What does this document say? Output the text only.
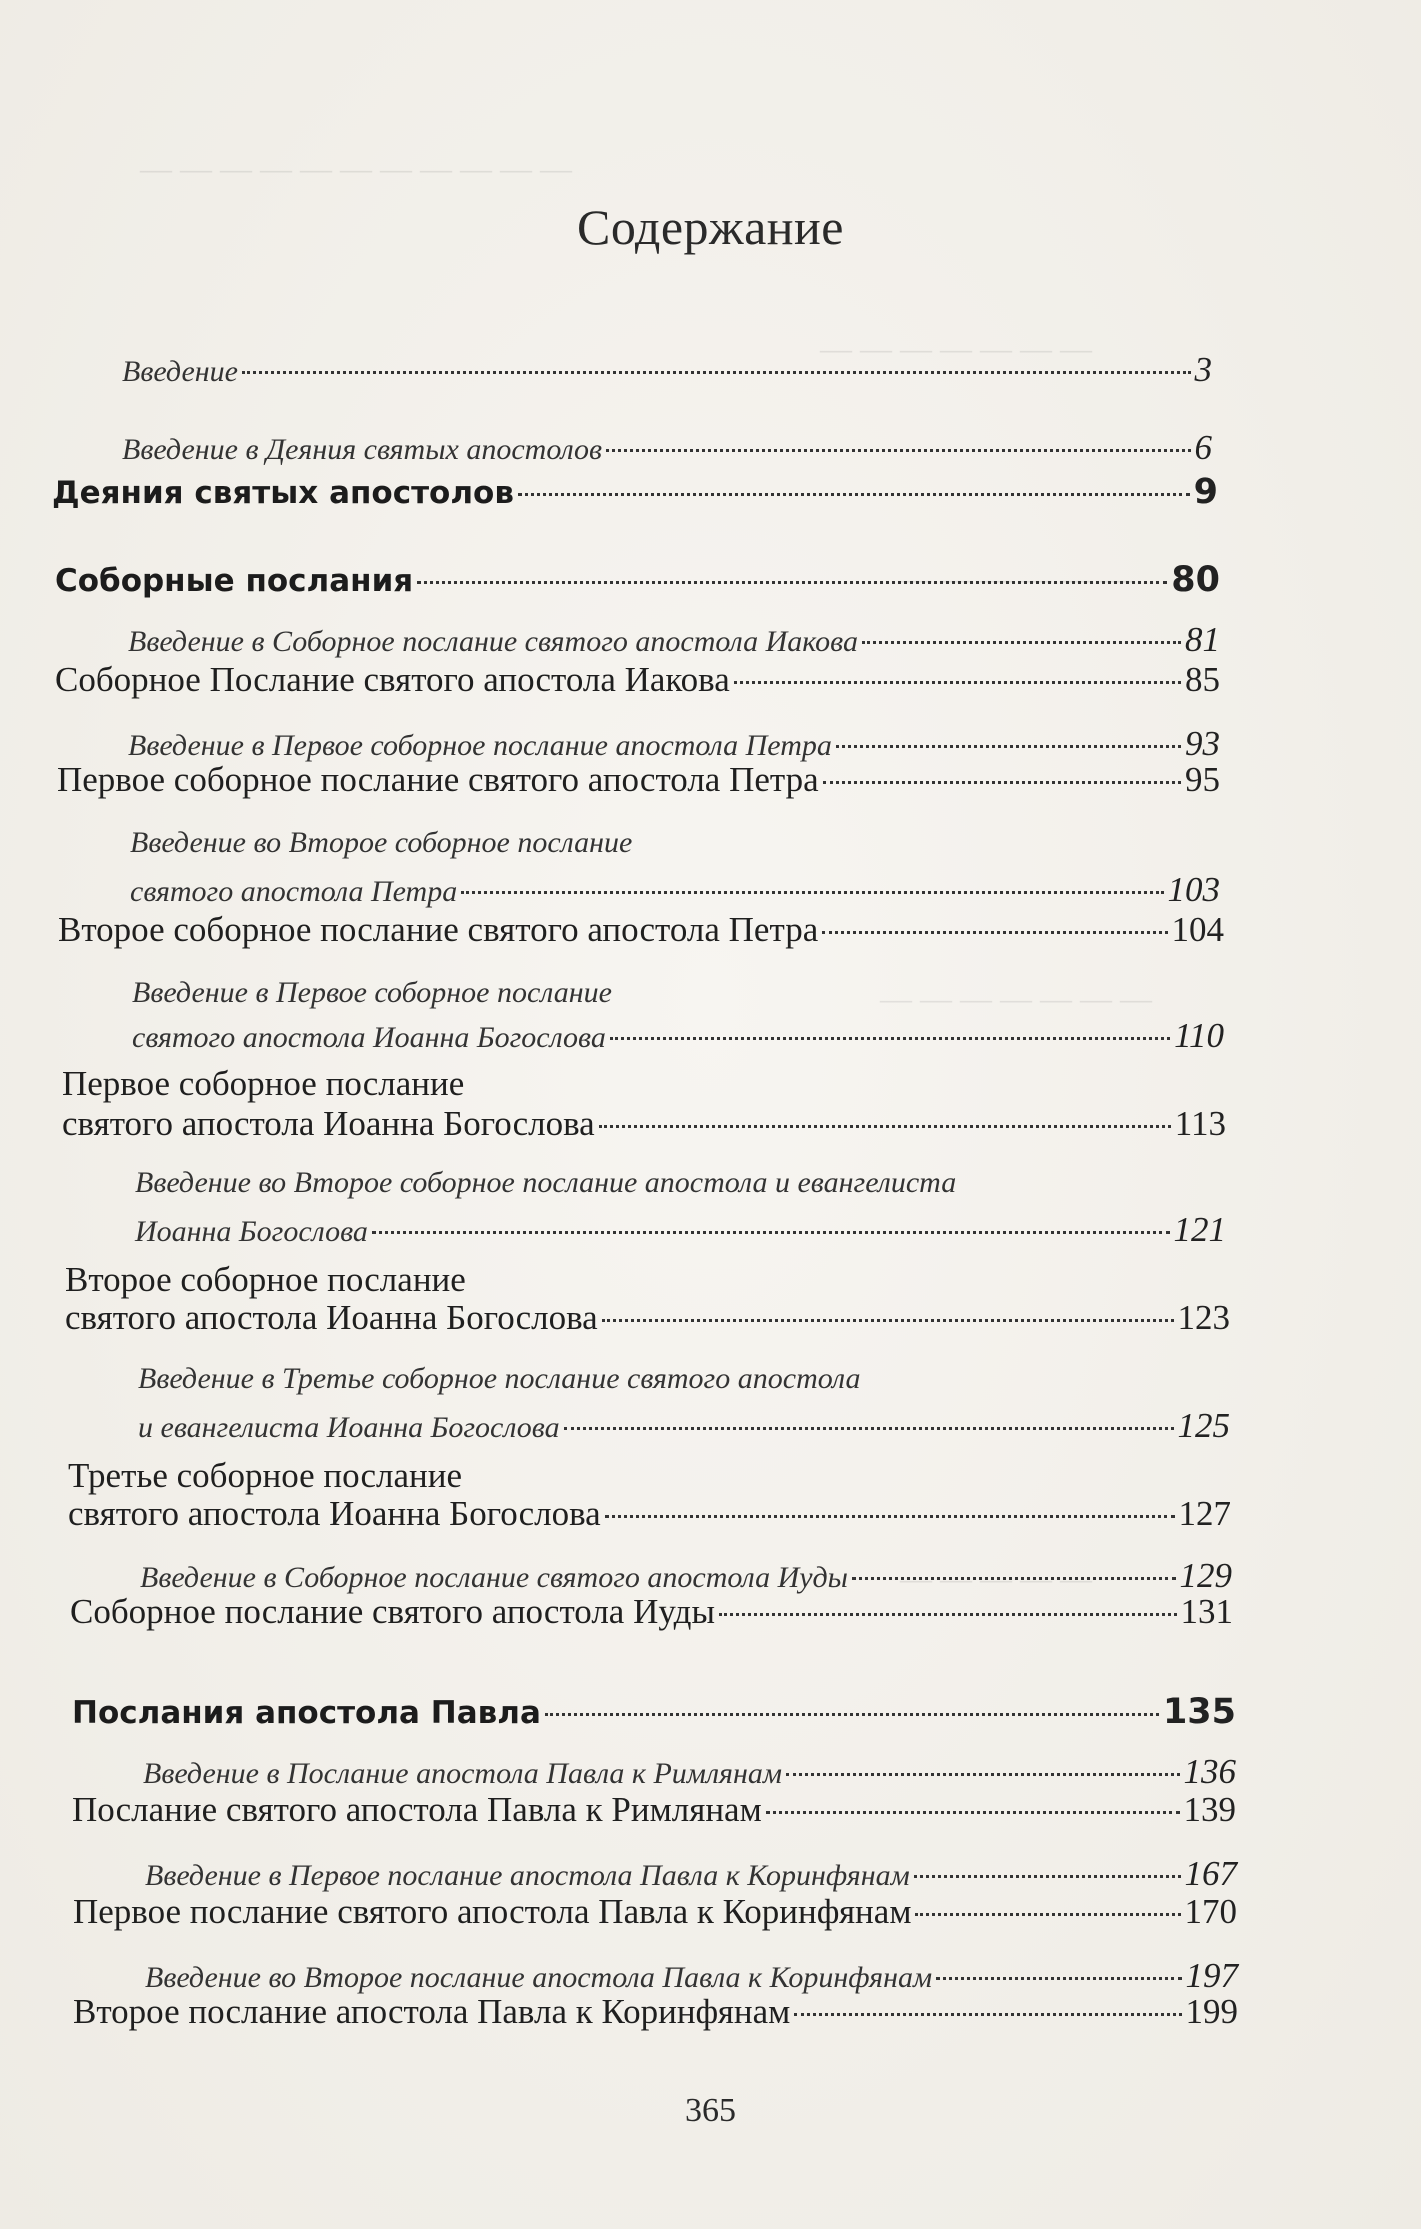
— — — — — — — — — — —
— — — — — — —
— — — — — —
— — — — — — —
— — — — —
Содержание
Введение	3
Введение в Деяния святых апостолов	6
Деяния святых апостолов	9
Соборные послания	80
Введение в Соборное послание святого апостола Иакова	81
Соборное Послание святого апостола Иакова	85
Введение в Первое соборное послание апостола Петра	93
Первое соборное послание святого апостола Петра	95
Введение во Второе соборное послание
святого апостола Петра	103
Второе соборное послание святого апостола Петра	104
Введение в Первое соборное послание
святого апостола Иоанна Богослова	110
Первое соборное послание
святого апостола Иоанна Богослова	113
Введение во Второе соборное послание апостола и евангелиста
Иоанна Богослова	121
Второе соборное послание
святого апостола Иоанна Богослова	123
Введение в Третье соборное послание святого апостола
и евангелиста Иоанна Богослова	125
Третье соборное послание
святого апостола Иоанна Богослова	127
Введение в Соборное послание святого апостола Иуды	129
Соборное послание святого апостола Иуды	131
Послания апостола Павла	135
Введение в Послание апостола Павла к Римлянам	136
Послание святого апостола Павла к Римлянам	139
Введение в Первое послание апостола Павла к Коринфянам	167
Первое послание святого апостола Павла к Коринфянам	170
Введение во Второе послание апостола Павла к Коринфянам	197
Второе послание апостола Павла к Коринфянам	199
365
